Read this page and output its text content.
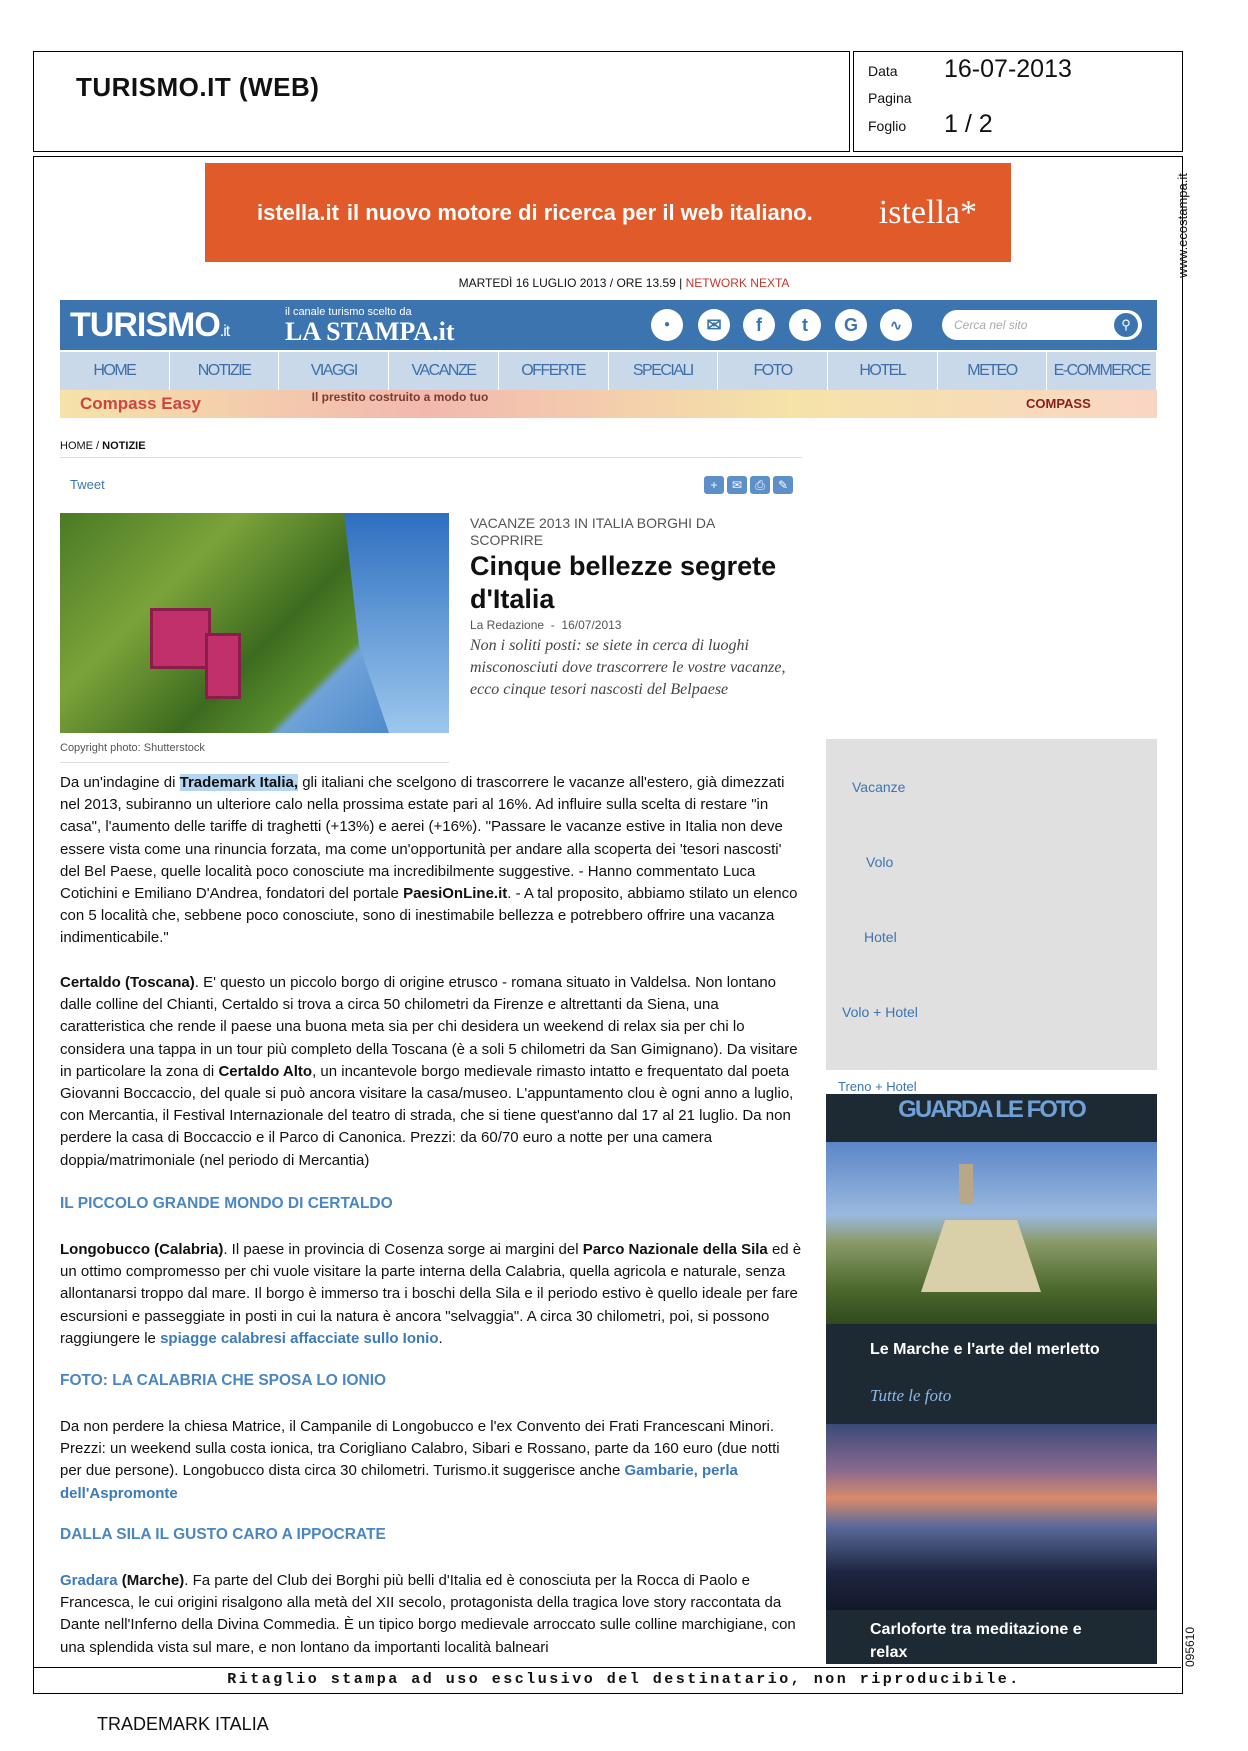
TURISMO.IT (WEB)
Data 16-07-2013
Pagina
Foglio 1 / 2
www.ecostampa.it
095610
istella.it il nuovo motore di ricerca per il web italiano. istella*
MARTEDÌ 16 LUGLIO 2013 / ORE 13.59 | NETWORK NEXTA
TURISMO.it
il canale turismo scelto da
LA STAMPA.it	●	✉	f	t	G	∿	Cerca nel sito	⚲
HOME	NOTIZIE	VIAGGI	VACANZE	OFFERTE	SPECIALI	FOTO	HOTEL	METEO	E-COMMERCE
Compass Easy	Il prestito costruito a modo tuo	COMPASS
HOME / NOTIZIE
Tweet	+	✉	⎙	✎
Copyright photo: Shutterstock
VACANZE 2013 IN ITALIA BORGHI DA SCOPRIRE
Cinque bellezze segrete d'Italia
La Redazione - 16/07/2013
Non i soliti posti: se siete in cerca di luoghi misconosciuti dove trascorrere le vostre vacanze, ecco cinque tesori nascosti del Belpaese
Da un'indagine di Trademark Italia, gli italiani che scelgono di trascorrere le vacanze all'estero, già dimezzati nel 2013, subiranno un ulteriore calo nella prossima estate pari al 16%. Ad influire sulla scelta di restare "in casa", l'aumento delle tariffe di traghetti (+13%) e aerei (+16%). "Passare le vacanze estive in Italia non deve essere vista come una rinuncia forzata, ma come un'opportunità per andare alla scoperta dei 'tesori nascosti' del Bel Paese, quelle località poco conosciute ma incredibilmente suggestive. - Hanno commentato Luca Cotichini e Emiliano D'Andrea, fondatori del portale PaesiOnLine.it. - A tal proposito, abbiamo stilato un elenco con 5 località che, sebbene poco conosciute, sono di inestimabile bellezza e potrebbero offrire una vacanza indimenticabile."
Certaldo (Toscana). E' questo un piccolo borgo di origine etrusco - romana situato in Valdelsa. Non lontano dalle colline del Chianti, Certaldo si trova a circa 50 chilometri da Firenze e altrettanti da Siena, una caratteristica che rende il paese una buona meta sia per chi desidera un weekend di relax sia per chi lo considera una tappa in un tour più completo della Toscana (è a soli 5 chilometri da San Gimignano). Da visitare in particolare la zona di Certaldo Alto, un incantevole borgo medievale rimasto intatto e frequentato dal poeta Giovanni Boccaccio, del quale si può ancora visitare la casa/museo. L'appuntamento clou è ogni anno a luglio, con Mercantia, il Festival Internazionale del teatro di strada, che si tiene quest'anno dal 17 al 21 luglio. Da non perdere la casa di Boccaccio e il Parco di Canonica. Prezzi: da 60/70 euro a notte per una camera doppia/matrimoniale (nel periodo di Mercantia)
IL PICCOLO GRANDE MONDO DI CERTALDO
Longobucco (Calabria). Il paese in provincia di Cosenza sorge ai margini del Parco Nazionale della Sila ed è un ottimo compromesso per chi vuole visitare la parte interna della Calabria, quella agricola e naturale, senza allontanarsi troppo dal mare. Il borgo è immerso tra i boschi della Sila e il periodo estivo è quello ideale per fare escursioni e passeggiate in posti in cui la natura è ancora "selvaggia". A circa 30 chilometri, poi, si possono raggiungere le spiagge calabresi affacciate sullo Ionio.
FOTO: LA CALABRIA CHE SPOSA LO IONIO
Da non perdere la chiesa Matrice, il Campanile di Longobucco e l'ex Convento dei Frati Francescani Minori. Prezzi: un weekend sulla costa ionica, tra Corigliano Calabro, Sibari e Rossano, parte da 160 euro (due notti per due persone). Longobucco dista circa 30 chilometri. Turismo.it suggerisce anche Gambarie, perla dell'Aspromonte
DALLA SILA IL GUSTO CARO A IPPOCRATE
Gradara (Marche). Fa parte del Club dei Borghi più belli d'Italia ed è conosciuta per la Rocca di Paolo e Francesca, le cui origini risalgono alla metà del XII secolo, protagonista della tragica love story raccontata da Dante nell'Inferno della Divina Commedia. È un tipico borgo medievale arroccato sulle colline marchigiane, con una splendida vista sul mare, e non lontano da importanti località balneari
Vacanze
Volo
Hotel
Volo + Hotel
Treno + Hotel
GUARDA LE FOTO
Le Marche e l'arte del merletto
Tutte le foto
Carloforte tra meditazione e relax
Ritaglio stampa ad uso esclusivo del destinatario, non riproducibile.
TRADEMARK ITALIA
